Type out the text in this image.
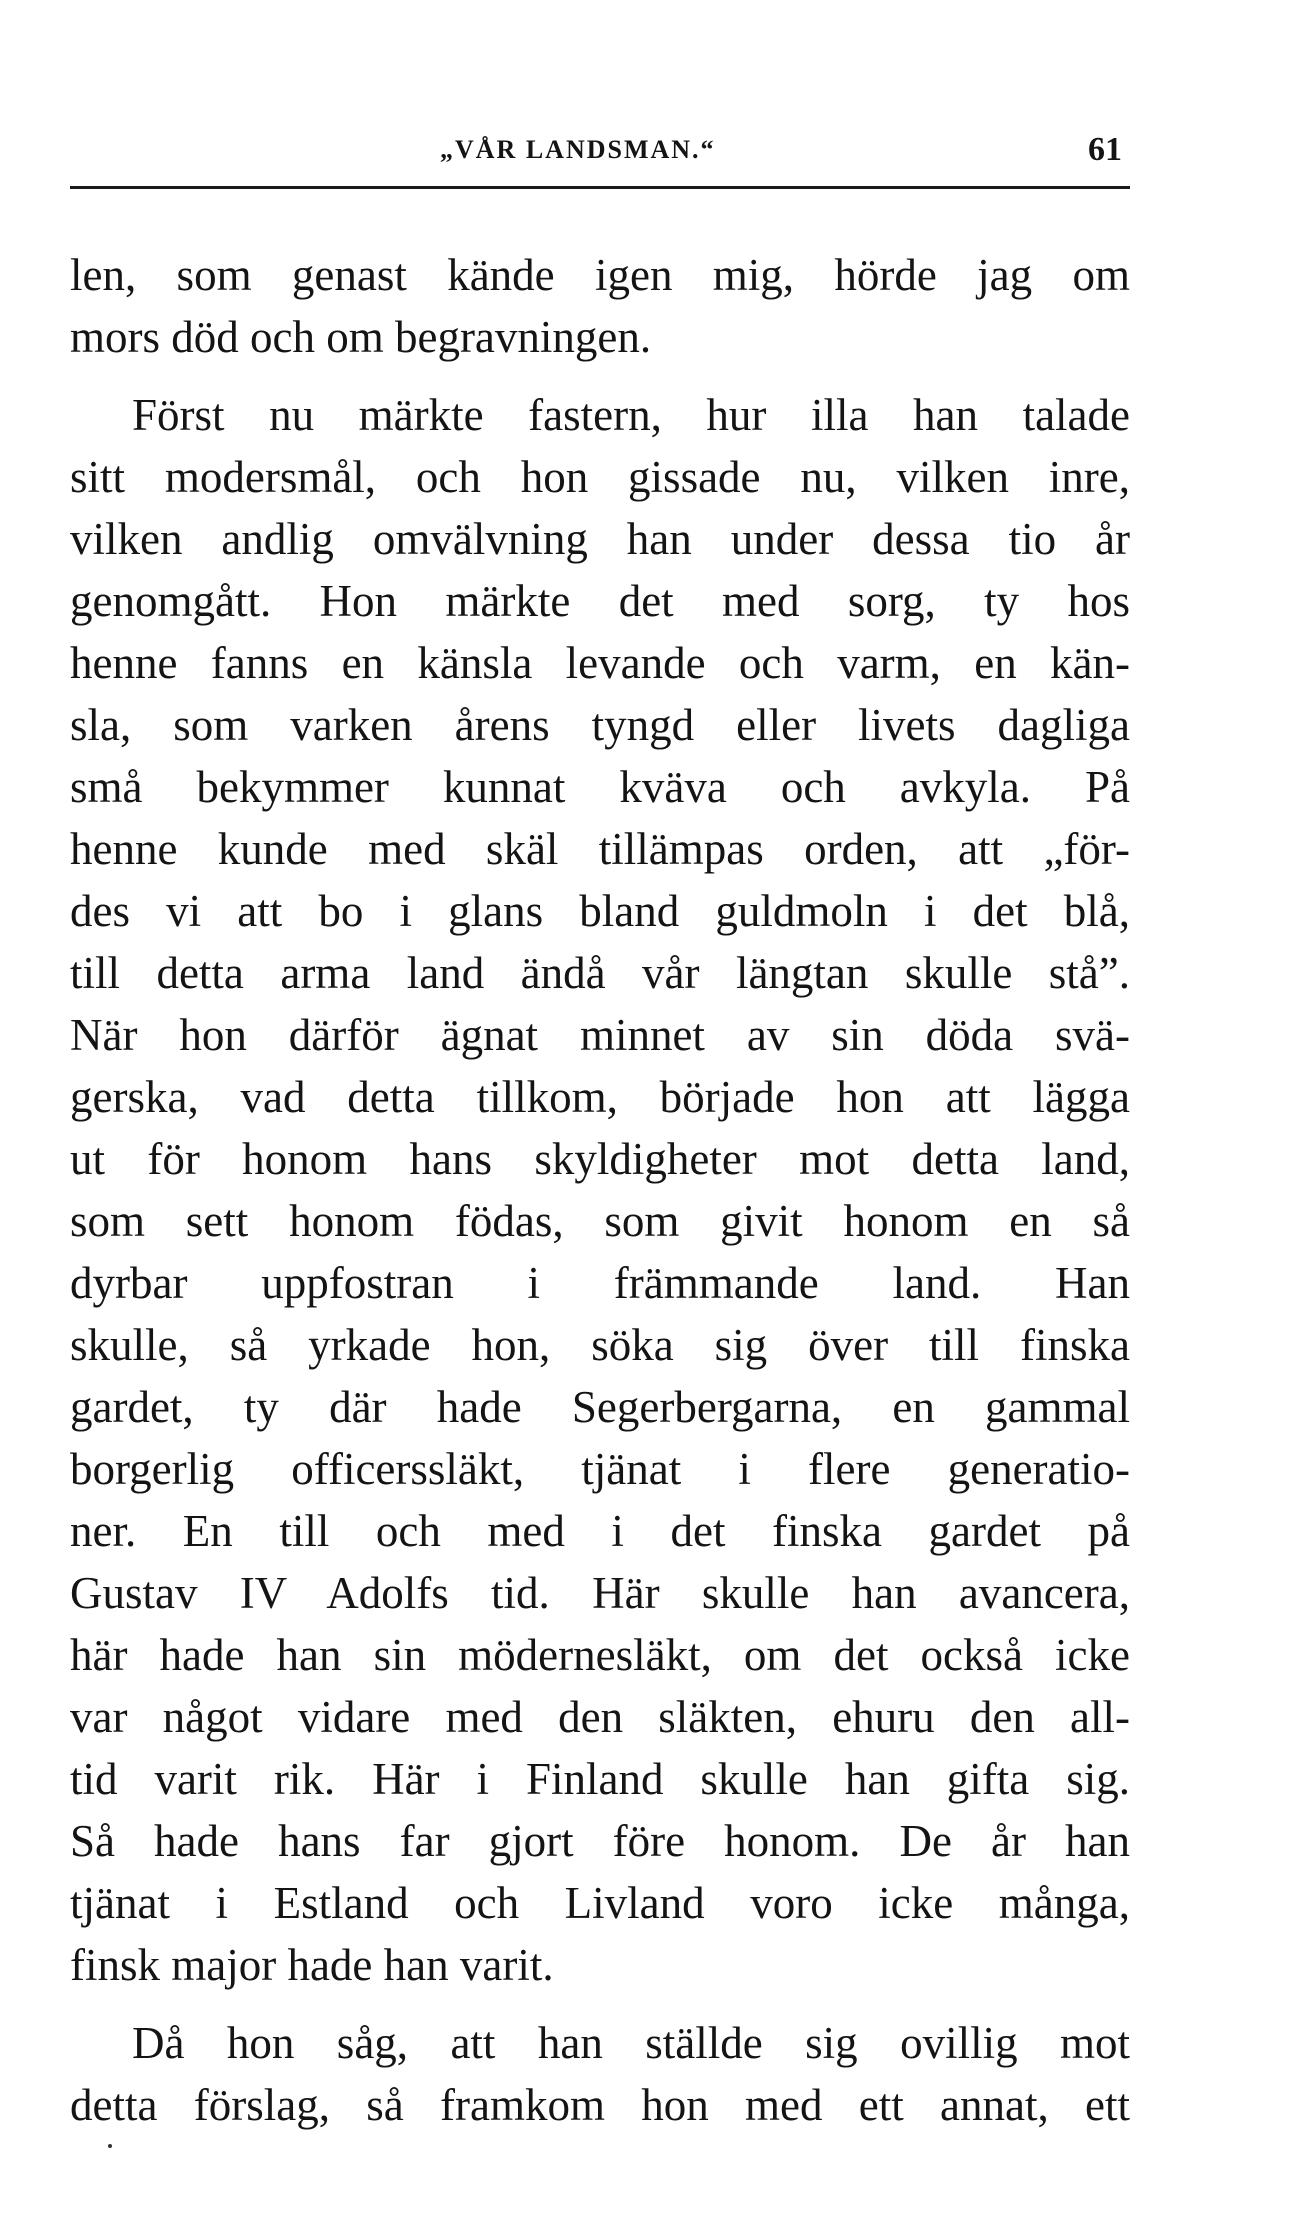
„VÅR LANDSMAN.“	61
len, som genast kände igen mig, hörde jag om
mors död och om begravningen.
Först nu märkte fastern, hur illa han talade
sitt modersmål, och hon gissade nu, vilken inre,
vilken andlig omvälvning han under dessa tio år
genomgått. Hon märkte det med sorg, ty hos
henne fanns en känsla levande och varm, en kän-
sla, som varken årens tyngd eller livets dagliga
små bekymmer kunnat kväva och avkyla. På
henne kunde med skäl tillämpas orden, att „för-
des vi att bo i glans bland guldmoln i det blå,
till detta arma land ändå vår längtan skulle stå”.
När hon därför ägnat minnet av sin döda svä-
gerska, vad detta tillkom, började hon att lägga
ut för honom hans skyldigheter mot detta land,
som sett honom födas, som givit honom en så
dyrbar uppfostran i främmande land. Han
skulle, så yrkade hon, söka sig över till finska
gardet, ty där hade Segerbergarna, en gammal
borgerlig officerssläkt, tjänat i flere generatio-
ner. En till och med i det finska gardet på
Gustav IV Adolfs tid. Här skulle han avancera,
här hade han sin mödernesläkt, om det också icke
var något vidare med den släkten, ehuru den all-
tid varit rik. Här i Finland skulle han gifta sig.
Så hade hans far gjort före honom. De år han
tjänat i Estland och Livland voro icke många,
finsk major hade han varit.
Då hon såg, att han ställde sig ovillig mot
detta förslag, så framkom hon med ett annat, ett
